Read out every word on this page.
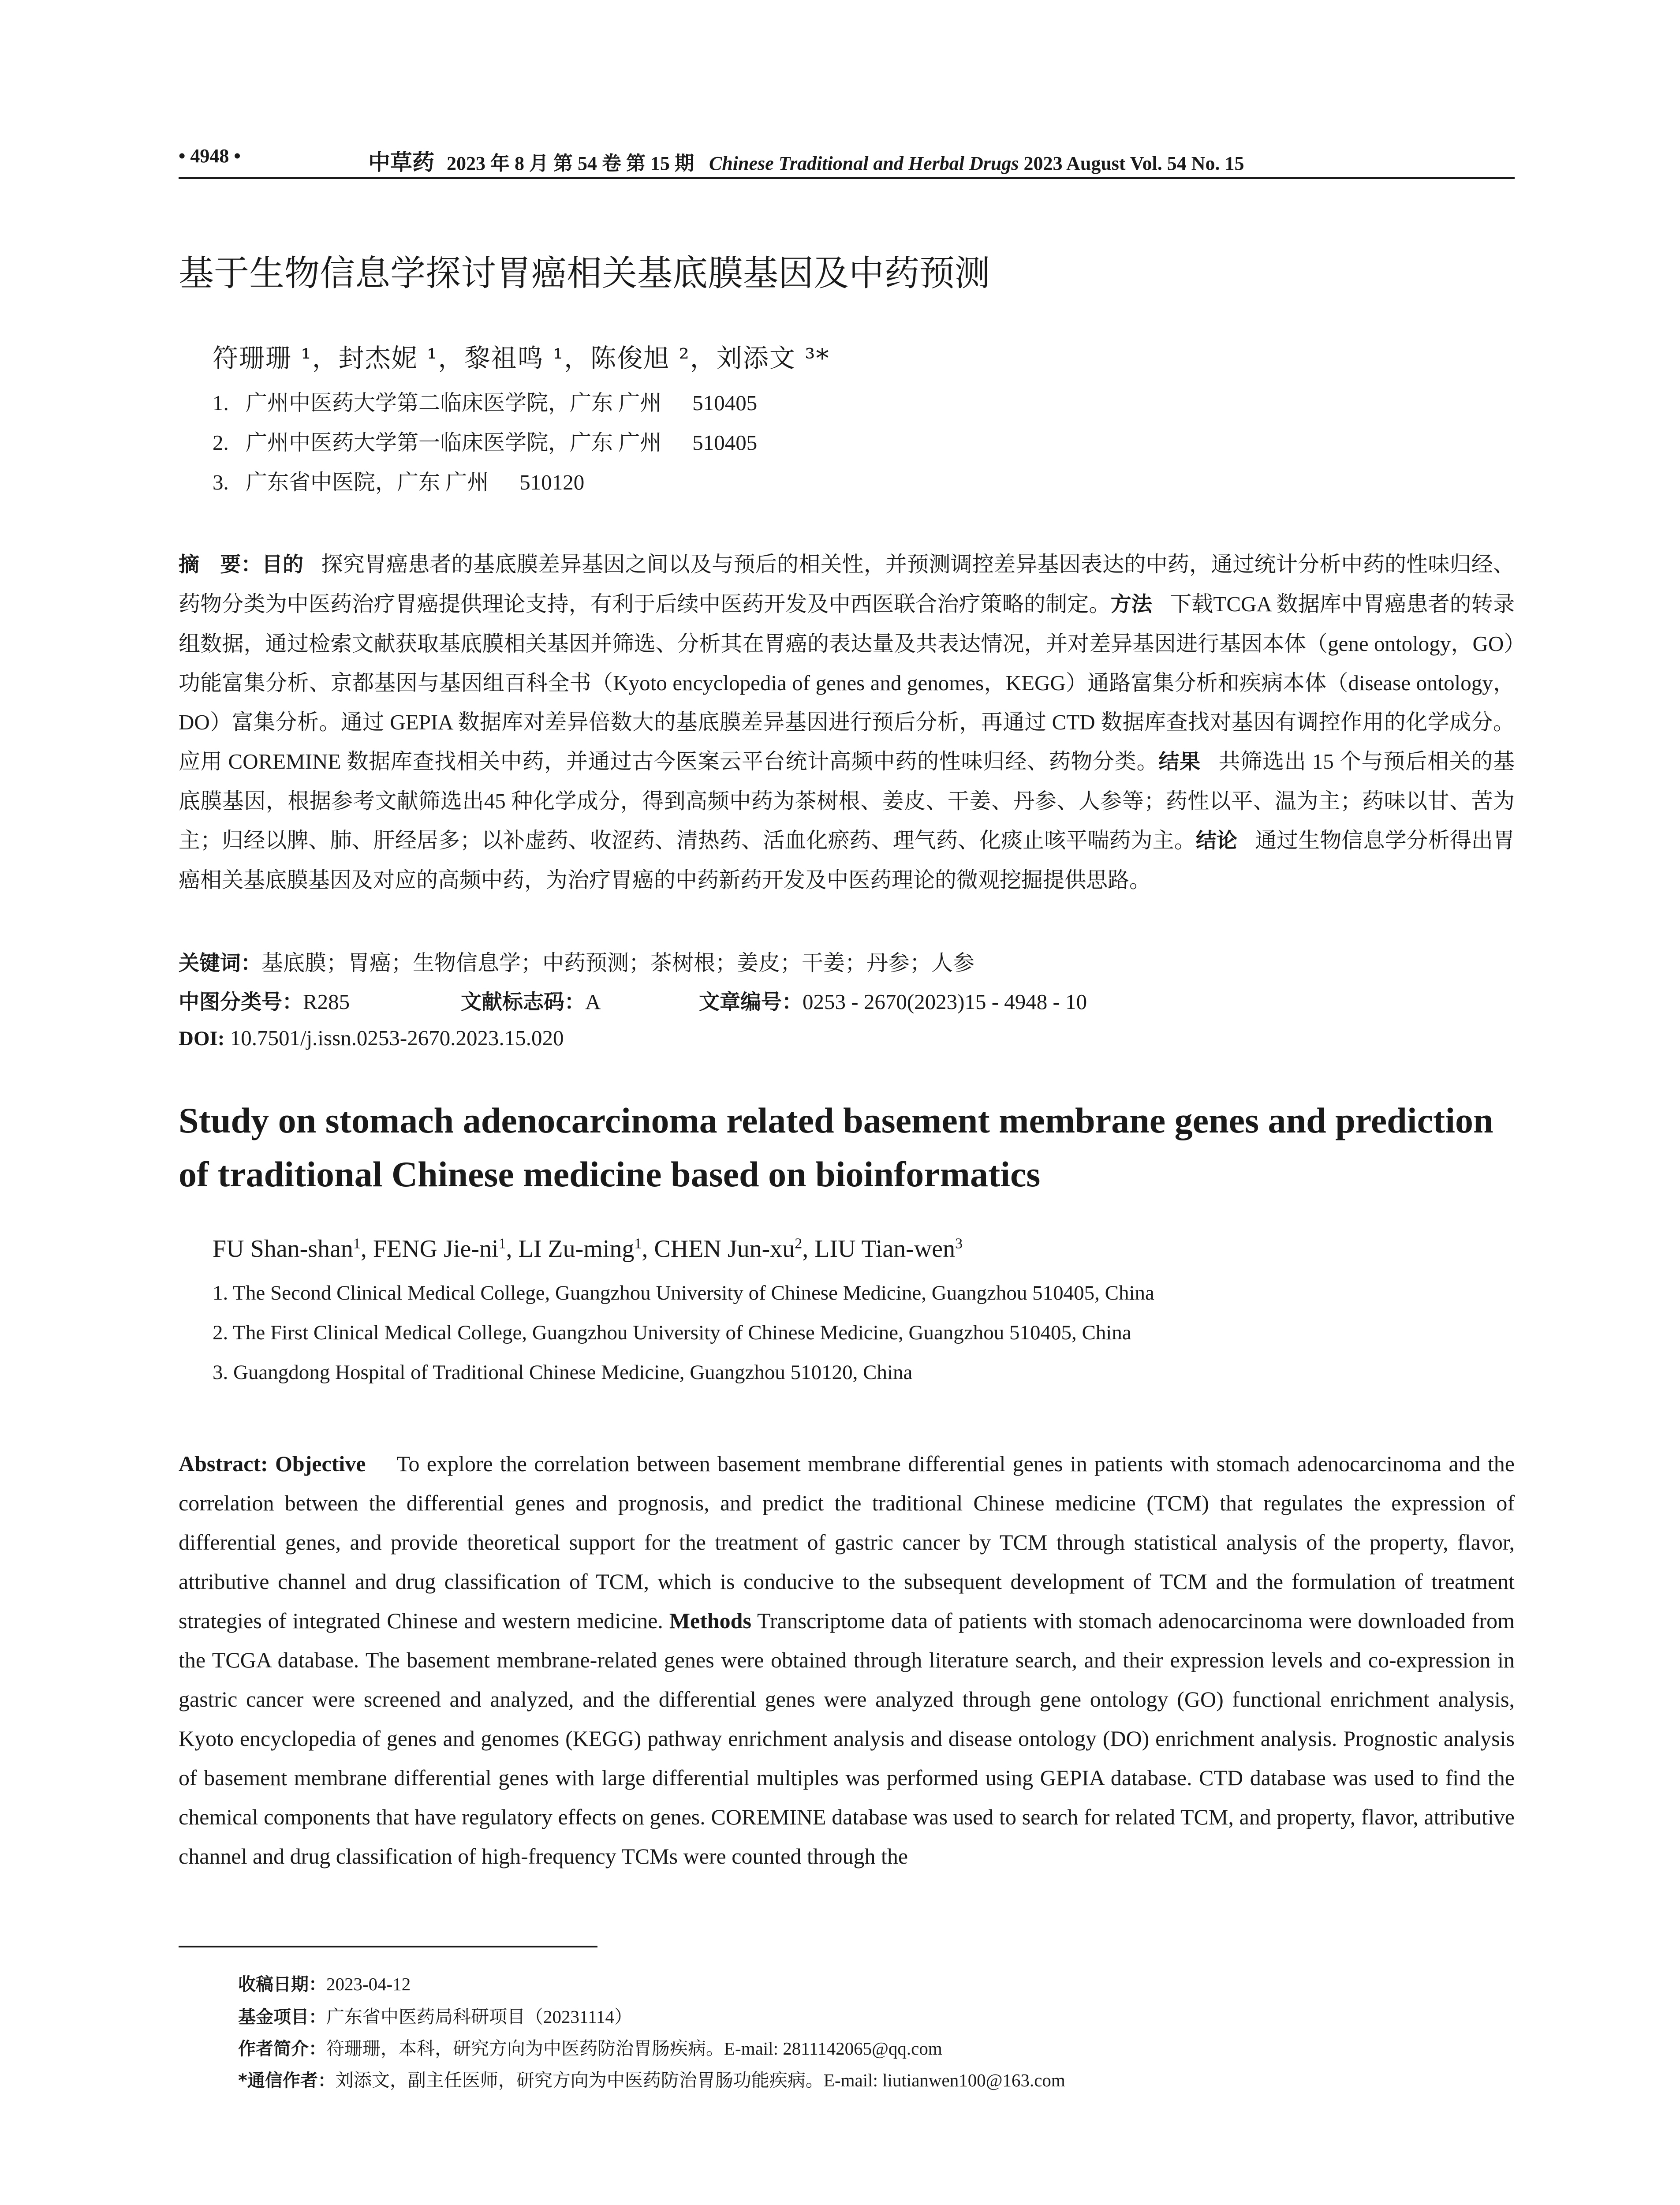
• 4948 •	中草药 2023 年 8 月 第 54 卷 第 15 期 Chinese Traditional and Herbal Drugs 2023 August Vol. 54 No. 15
基于生物信息学探讨胃癌相关基底膜基因及中药预测
符珊珊 ¹，封杰妮 ¹，黎祖鸣 ¹，陈俊旭 ²，刘添文 ³*
1. 广州中医药大学第二临床医学院，广东 广州 510405
2. 广州中医药大学第一临床医学院，广东 广州 510405
3. 广东省中医院，广东 广州 510120

摘　要：目的 探究胃癌患者的基底膜差异基因之间以及与预后的相关性，并预测调控差异基因表达的中药，通过统计分析中药的性味归经、药物分类为中医药治疗胃癌提供理论支持，有利于后续中医药开发及中西医联合治疗策略的制定。方法 下载TCGA 数据库中胃癌患者的转录组数据，通过检索文献获取基底膜相关基因并筛选、分析其在胃癌的表达量及共表达情况，并对差异基因进行基因本体（gene ontology，GO）功能富集分析、京都基因与基因组百科全书（Kyoto encyclopedia of genes and genomes，KEGG）通路富集分析和疾病本体（disease ontology，DO）富集分析。通过 GEPIA 数据库对差异倍数大的基底膜差异基因进行预后分析，再通过 CTD 数据库查找对基因有调控作用的化学成分。应用 COREMINE 数据库查找相关中药，并通过古今医案云平台统计高频中药的性味归经、药物分类。结果 共筛选出 15 个与预后相关的基底膜基因，根据参考文献筛选出45 种化学成分，得到高频中药为茶树根、姜皮、干姜、丹参、人参等；药性以平、温为主；药味以甘、苦为主；归经以脾、肺、肝经居多；以补虚药、收涩药、清热药、活血化瘀药、理气药、化痰止咳平喘药为主。结论 通过生物信息学分析得出胃癌相关基底膜基因及对应的高频中药，为治疗胃癌的中药新药开发及中医药理论的微观挖掘提供思路。

关键词：基底膜；胃癌；生物信息学；中药预测；茶树根；姜皮；干姜；丹参；人参
中图分类号：R285	文献标志码：A	文章编号：0253 - 2670(2023)15 - 4948 - 10
DOI: 10.7501/j.issn.0253-2670.2023.15.020
Study on stomach adenocarcinoma related basement membrane genes and prediction of traditional Chinese medicine based on bioinformatics
FU Shan-shan$^1$, FENG Jie-$ni^1$, LI Zu-ming$^1$, CHEN Jun-$xu^2$, LIU Tian-wen$^3$
1. The Second Clinical Medical College, Guangzhou University of Chinese Medicine, Guangzhou 510405, China
2. The First Clinical Medical College, Guangzhou University of Chinese Medicine, Guangzhou 510405, China
3. Guangdong Hospital of Traditional Chinese Medicine, Guangzhou 510120, China

Abstract: Objective To explore the correlation between basement membrane differential genes in patients with stomach adenocarcinoma and the correlation between the differential genes and prognosis, and predict the traditional Chinese medicine (TCM) that regulates the expression of differential genes, and provide theoretical support for the treatment of gastric cancer by TCM through statistical analysis of the property, flavor, attributive channel and drug classification of TCM, which is conducive to the subsequent development of TCM and the formulation of treatment strategies of integrated Chinese and western medicine. Methods Transcriptome data of patients with stomach adenocarcinoma were downloaded from the TCGA database. The basement membrane-related genes were obtained through literature search, and their expression levels and co-expression in gastric cancer were screened and analyzed, and the differential genes were analyzed through gene ontology (GO) functional enrichment analysis, Kyoto encyclopedia of genes and genomes (KEGG) pathway enrichment analysis and disease ontology (DO) enrichment analysis. Prognostic analysis of basement membrane differential genes with large differential multiples was performed using GEPIA database. CTD database was used to find the chemical components that have regulatory effects on genes. COREMINE database was used to search for related TCM, and property, flavor, attributive channel and drug classification of high-frequency TCMs were counted through the

收稿日期：2023-04-12
基金项目：广东省中医药局科研项目（20231114）
作者简介：符珊珊，本科，研究方向为中医药防治胃肠疾病。E-mail: 2811142065@qq.com
*通信作者：刘添文，副主任医师，研究方向为中医药防治胃肠功能疾病。E-mail: liutianwen100@163.com
